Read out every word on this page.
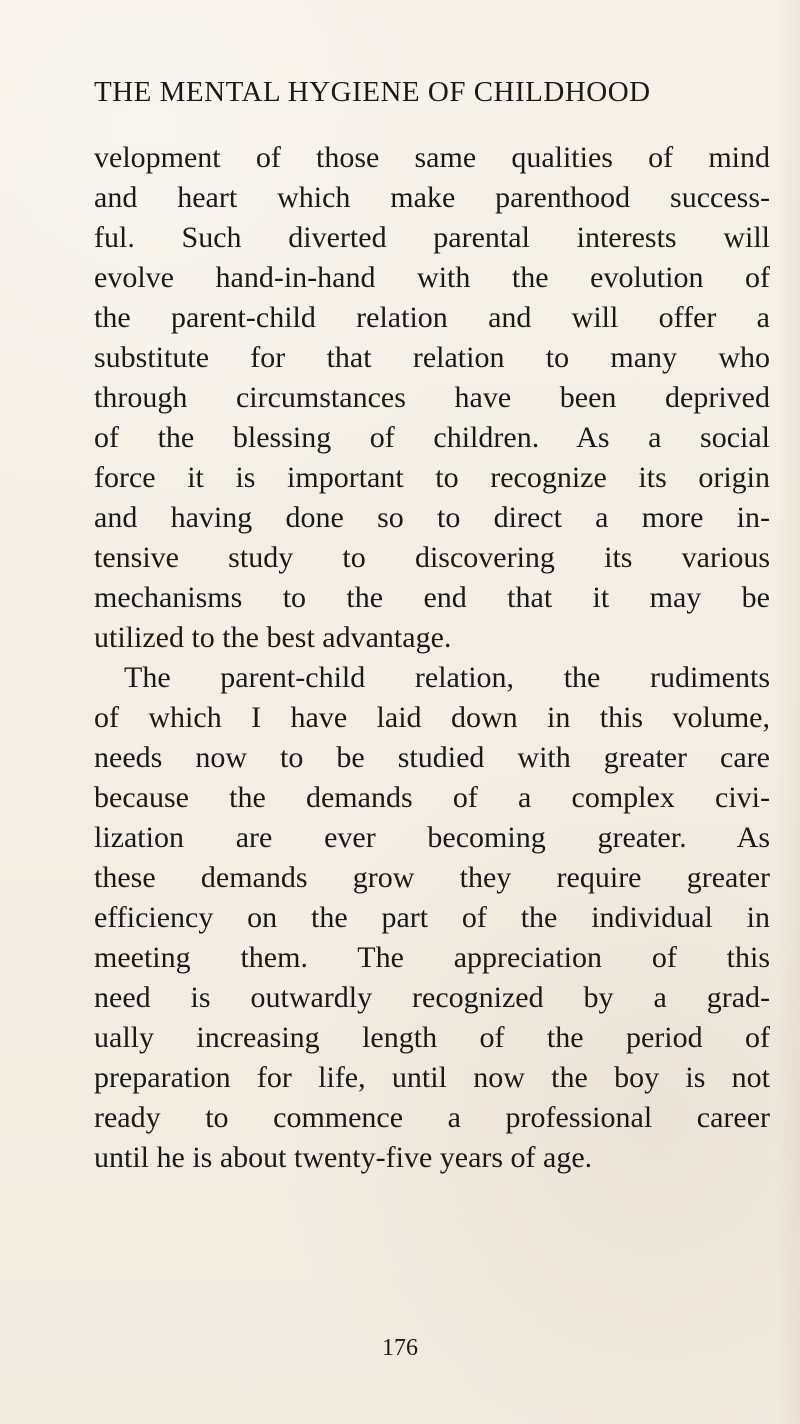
THE MENTAL HYGIENE OF CHILDHOOD
velopment of those same qualities of mind
and heart which make parenthood success-
ful. Such diverted parental interests will
evolve hand-in-hand with the evolution of
the parent-child relation and will offer a
substitute for that relation to many who
through circumstances have been deprived
of the blessing of children. As a social
force it is important to recognize its origin
and having done so to direct a more in-
tensive study to discovering its various
mechanisms to the end that it may be
utilized to the best advantage.
The parent-child relation, the rudiments
of which I have laid down in this volume,
needs now to be studied with greater care
because the demands of a complex civi-
lization are ever becoming greater. As
these demands grow they require greater
efficiency on the part of the individual in
meeting them. The appreciation of this
need is outwardly recognized by a grad-
ually increasing length of the period of
preparation for life, until now the boy is not
ready to commence a professional career
until he is about twenty-five years of age.
176
